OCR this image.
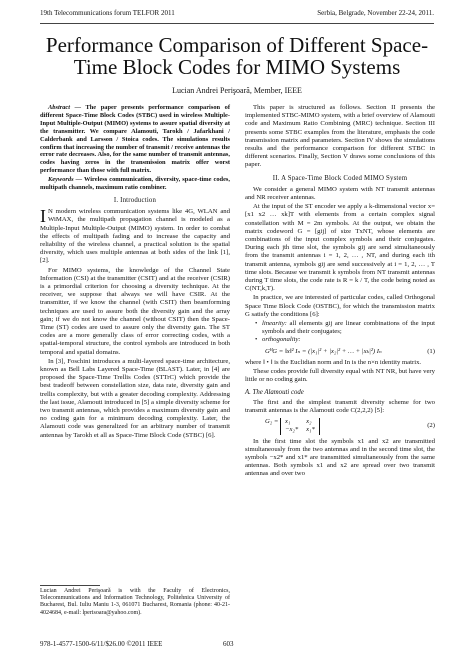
19th Telecommunications forum TELFOR 2011	Serbia, Belgrade, November 22-24, 2011.
Performance Comparison of Different Space-
Time Block Codes for MIMO Systems
Lucian Andrei Perişoară, Member, IEEE

Abstract — The paper presents performance comparison of different Space-Time Block Codes (STBC) used in wireless Multiple-Input Multiple-Output (MIMO) systems to assure spatial diversity at the transmitter. We compare Alamouti, Tarokh / Jafarkhani / Calderbank and Larsson / Stoica codes. The simulations results confirm that increasing the number of transmit / receive antennas the error rate decreases. Also, for the same number of transmit antennas, codes having zeros in the transmission matrix offer worst performance than those with full matrix.

Keywords — Wireless communication, diversity, space-time codes, multipath channels, maximum ratio combiner.

I. Introduction

I N modern wireless communication systems like 4G, WLAN and WiMAX, the multipath propagation channel is modeled as a Multiple-Input Multiple-Output (MIMO) system. In order to combat the effects of multipath fading and to increase the capacity and reliability of the wireless channel, a practical solution is the spatial diversity, which uses multiple antennas at both sides of the link [1], [2].

For MIMO systems, the knowledge of the Channel State Information (CSI) at the transmitter (CSIT) and at the receiver (CSIR) is a primordial criterion for choosing a diversity technique. At the receiver, we suppose that always we will have CSIR. At the transmitter, if we know the channel (with CSIT) then beamforming techniques are used to assure both the diversity gain and the array gain; if we do not know the channel (without CSIT) then the Space-Time (ST) codes are used to assure only the diversity gain. The ST codes are a more generally class of error correcting codes, with a spatial-temporal structure, the control symbols are introduced in both temporal and spatial domains.

In [3], Foschini introduces a multi-layered space-time architecture, known as Bell Labs Layered Space-Time (BLAST). Later, in [4] are proposed the Space-Time Trellis Codes (STTrC) which provide the best tradeoff between constellation size, data rate, diversity gain and trellis complexity, but with a greater decoding complexity. Addressing the last issue, Alamouti introduced in [5] a simple diversity scheme for two transmit antennas, which provides a maximum diversity gain and no coding gain for a minimum decoding complexity. Later, the Alamouti code was generalized for an arbitrary number of transmit antennas by Tarokh et all as Space-Time Block Code (STBC) [6].

This paper is structured as follows. Section II presents the implemented STBC-MIMO system, with a brief overview of Alamouti code and Maximum Ratio Combining (MRC) technique. Section III presents some STBC examples from the literature, emphasis the code transmission matrix and parameters. Section IV shows the simulations results and the performance comparison for different STBC in different scenarios. Finally, Section V draws some conclusions of this paper.

II. A Space-Time Block Coded MIMO System

We consider a general MIMO system with NT transmit antennas and NR receiver antennas.

At the input of the ST encoder we apply a k-dimensional vector x=[x1 x2 … xk]T with elements from a certain complex signal constellation with M = 2m symbols. At the output, we obtain the matrix codeword G = [gij] of size TxNT, whose elements are combinations of the input complex symbols and their conjugates. During each jth time slot, the symbols gij are send simultaneously from the transmit antennas i = 1, 2, … , NT, and during each ith transmit antenna, symbols gij are send successively at i = 1, 2, … , T time slots. Because we transmit k symbols from NT transmit antennas during T time slots, the code rate is R = k / T, the code being noted as C(NT,k,T).

In practice, we are interested of particular codes, called Orthogonal Space Time Block Code (OSTBC), for which the transmission matrix G satisfy the conditions [6]:

• linearity: all elements gij are linear combinations of the input symbols and their conjugates;
• orthogonality:
GᴴG = ‖x‖² Iₙ = (|x₁|² + |x₂|² + … + |xₖ|²) Iₙ	(1)

where ‖ • ‖ is the Euclidian norm and In is the n×n identity matrix.

These codes provide full diversity equal with NT NR, but have very little or no coding gain.

A. The Alamouti code

The first and the simplest transmit diversity scheme for two transmit antennas is the Alamouti code C(2,2,2) [5]:

G₂ = x₁	x₂
−x₂* x₁*
(2)

In the first time slot the symbols x1 and x2 are transmitted simultaneously from the two antennas and in the second time slot, the symbols −x2* and x1* are transmitted simultaneously from the same antennas. Both symbols x1 and x2 are spread over two transmit antennas and over two

Lucian Andrei Perişoară is with the Faculty of Electronics, Telecommunications and Information Technology, Politehnica University of Bucharest, Bul. Iuliu Maniu 1-3, 061071 Bucharest, Romania (phone: 40-21-4024684, e-mail: lperisoara@yahoo.com).
978-1-4577-1500-6/11/$26.00 ©2011 IEEE	603
